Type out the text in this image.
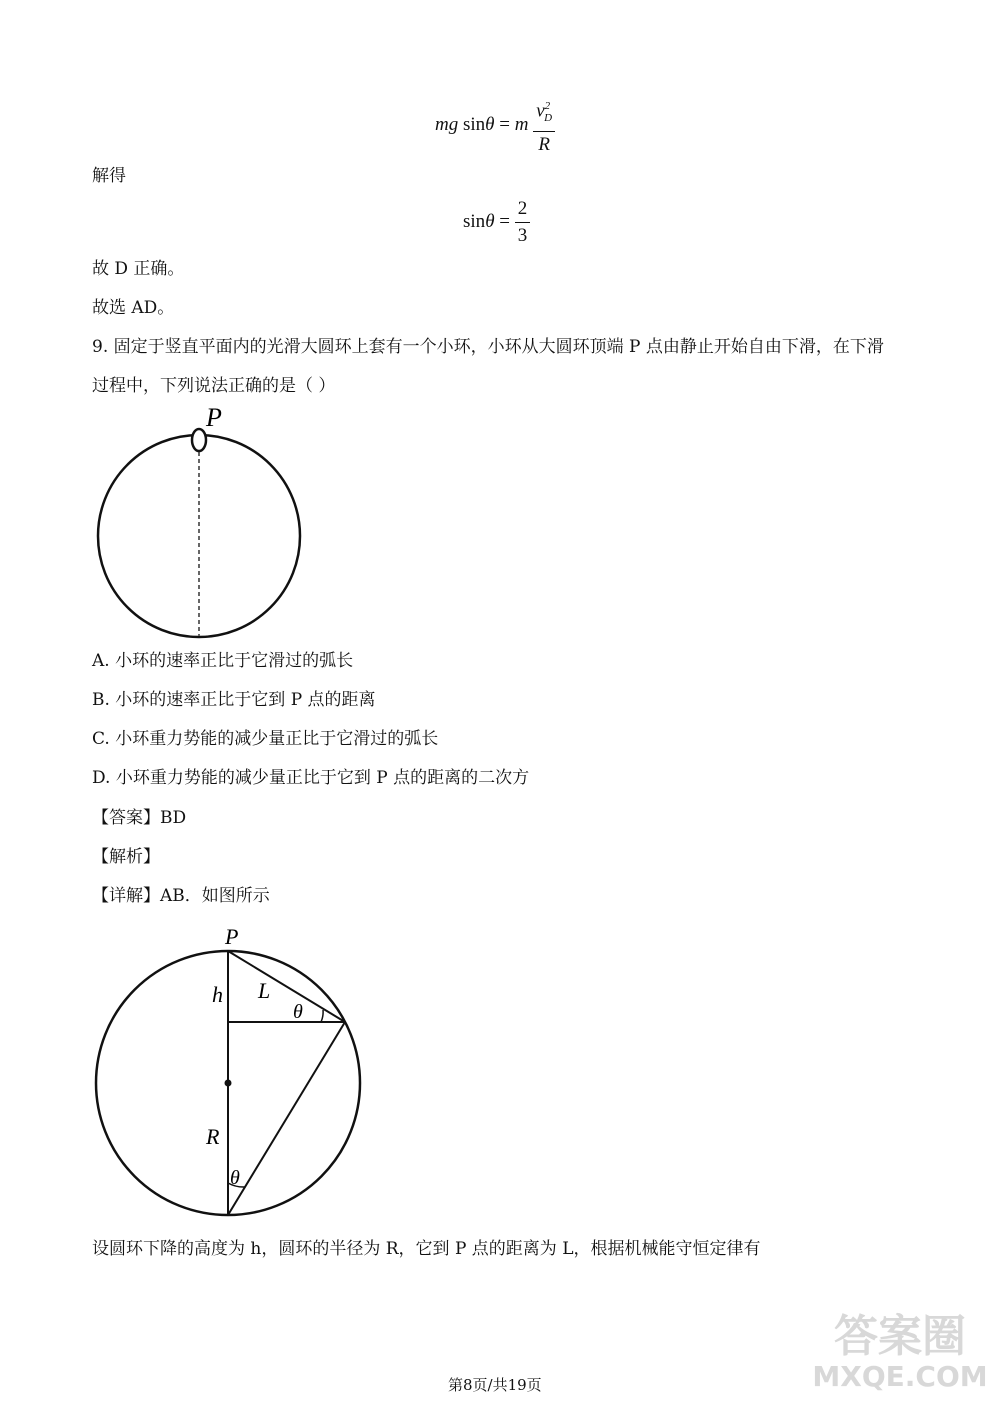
mg sinθ = m $\frac{v^2_D}{R}$
解得
$\sin\theta = \frac{2}{3}$
故 D 正确。
故选 AD。
9. 固定于竖直平面内的光滑大圆环上套有一个小环，小环从大圆环顶端 P 点由静止开始自由下滑，在下滑
过程中，下列说法正确的是（ ）
P
A. 小环的速率正比于它滑过的弧长
B. 小环的速率正比于它到 P 点的距离
C. 小环重力势能的减少量正比于它滑过的弧长
D. 小环重力势能的减少量正比于它到 P 点的距离的二次方
【答案】BD
【解析】
【详解】AB．如图所示
P
h L
θ
R
θ
设圆环下降的高度为 h，圆环的半径为 R，它到 P 点的距离为 L，根据机械能守恒定律有
第8页/共19页
答案圈
MXQE.COM
